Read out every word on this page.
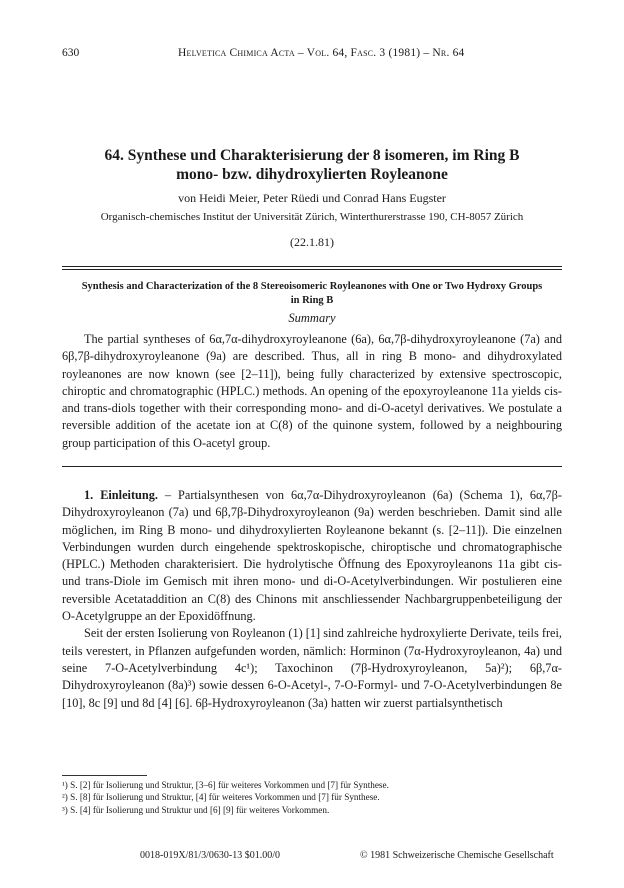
630	Helvetica Chimica Acta – Vol. 64, Fasc. 3 (1981) – Nr. 64
64. Synthese und Charakterisierung der 8 isomeren, im Ring B
mono- bzw. dihydroxylierten Royleanone
von Heidi Meier, Peter Rüedi und Conrad Hans Eugster
Organisch-chemisches Institut der Universität Zürich, Winterthurerstrasse 190, CH-8057 Zürich
(22.1.81)
Synthesis and Characterization of the 8 Stereoisomeric Royleanones with One or Two Hydroxy Groups
in Ring B
Summary

The partial syntheses of 6α,7α-dihydroxyroyleanone (6a), 6α,7β-dihydroxyroyleanone (7a) and 6β,7β-dihydroxyroyleanone (9a) are described. Thus, all in ring B mono- and dihydroxylated royleanones are now known (see [2–11]), being fully characterized by extensive spectroscopic, chiroptic and chromatographic (HPLC.) methods. An opening of the epoxyroyleanone 11a yields cis- and trans-diols together with their corresponding mono- and di-O-acetyl derivatives. We postulate a reversible addition of the acetate ion at C(8) of the quinone system, followed by a neighbouring group participation of this O-acetyl group.

1. Einleitung. – Partialsynthesen von 6α,7α-Dihydroxyroyleanon (6a) (Schema 1), 6α,7β-Dihydroxyroyleanon (7a) und 6β,7β-Dihydroxyroyleanon (9a) werden beschrieben. Damit sind alle möglichen, im Ring B mono- und dihydroxylierten Royleanone bekannt (s. [2–11]). Die einzelnen Verbindungen wurden durch eingehende spektroskopische, chiroptische und chromatographische (HPLC.) Methoden charakterisiert. Die hydrolytische Öffnung des Epoxyroyleanons 11a gibt cis- und trans-Diole im Gemisch mit ihren mono- und di-O-Acetylverbindungen. Wir postulieren eine reversible Acetataddition an C(8) des Chinons mit anschliessender Nachbargruppenbeteiligung der O-Acetylgruppe an der Epoxidöffnung.

Seit der ersten Isolierung von Royleanon (1) [1] sind zahlreiche hydroxylierte Derivate, teils frei, teils verestert, in Pflanzen aufgefunden worden, nämlich: Horminon (7α-Hydroxyroyleanon, 4a) und seine 7-O-Acetylverbindung 4c¹); Taxochinon (7β-Hydroxyroyleanon, 5a)²); 6β,7α-Dihydroxyroyleanon (8a)³) sowie dessen 6-O-Acetyl-, 7-O-Formyl- und 7-O-Acetylverbindungen 8e [10], 8c [9] und 8d [4] [6]. 6β-Hydroxyroyleanon (3a) hatten wir zuerst partialsynthetisch

¹) S. [2] für Isolierung und Struktur, [3–6] für weiteres Vorkommen und [7] für Synthese.
²) S. [8] für Isolierung und Struktur, [4] für weiteres Vorkommen und [7] für Synthese.
³) S. [4] für Isolierung und Struktur und [6] [9] für weiteres Vorkommen.
0018-019X/81/3/0630-13 $01.00/0	© 1981 Schweizerische Chemische Gesellschaft
